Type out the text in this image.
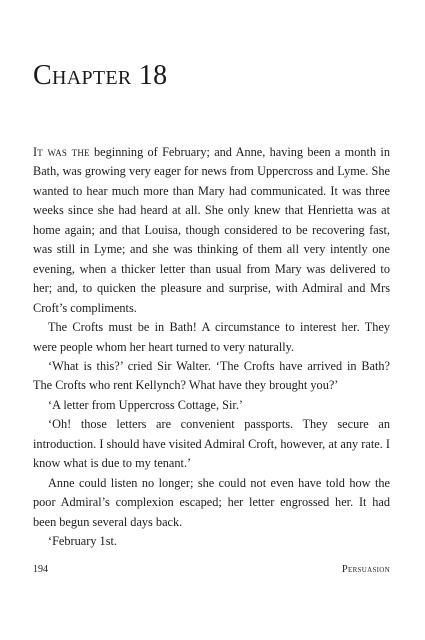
Chapter 18

It was the beginning of February; and Anne, having been a month in Bath, was growing very eager for news from Uppercross and Lyme. She wanted to hear much more than Mary had communicated. It was three weeks since she had heard at all. She only knew that Henrietta was at home again; and that Louisa, though considered to be recovering fast, was still in Lyme; and she was thinking of them all very intently one evening, when a thicker letter than usual from Mary was delivered to her; and, to quicken the pleasure and surprise, with Admiral and Mrs Croft’s compliments.

The Crofts must be in Bath! A circumstance to interest her. They were people whom her heart turned to very naturally.

‘What is this?’ cried Sir Walter. ‘The Crofts have arrived in Bath? The Crofts who rent Kellynch? What have they brought you?’

‘A letter from Uppercross Cottage, Sir.’

‘Oh! those letters are convenient passports. They secure an introduction. I should have visited Admiral Croft, however, at any rate. I know what is due to my tenant.’

Anne could listen no longer; she could not even have told how the poor Admiral’s complexion escaped; her letter engrossed her. It had been begun several days back.

‘February 1st.

194	Persuasion
